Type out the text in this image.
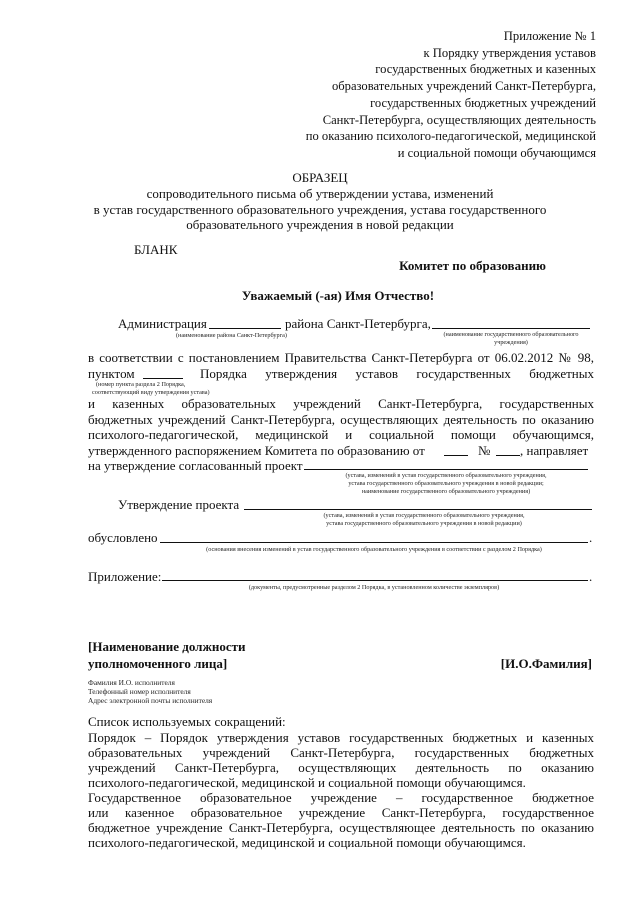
Приложение № 1
к Порядку утверждения уставов
государственных бюджетных и казенных
образовательных учреждений Санкт-Петербурга,
государственных бюджетных учреждений
Санкт-Петербурга, осуществляющих деятельность
по оказанию психолого-педагогической, медицинской
и социальной помощи обучающимся
ОБРАЗЕЦ
сопроводительного письма об утверждении устава, изменений
в устав государственного образовательного учреждения, устава государственного
образовательного учреждения в новой редакции
БЛАНК
Комитет по образованию
Уважаемый (-ая) Имя Отчество!
Администрация	района Санкт-Петербурга,
(наименование района Санкт-Петербурга)	(наименование государственного образовательного учреждения)
в соответствии с постановлением Правительства Санкт-Петербурга от 06.02.2012 № 98,
пунктом	Порядка утверждения уставов государственных бюджетных
(номер пункта раздела 2 Порядка,
соответствующий виду утверждения устава)
и казенных образовательных учреждений Санкт-Петербурга, государственных
бюджетных учреждений Санкт-Петербурга, осуществляющих деятельность по оказанию
психолого-педагогической, медицинской и социальной помощи обучающимся,
утвержденного распоряжением Комитета по образованию от	№ , направляет
на утверждение согласованный проект
(устава, изменений в устав государственного образовательного учреждения,
устава государственного образовательного учреждения в новой редакции;
наименование государственного образовательного учреждения)
Утверждение проекта
(устава, изменений в устав государственного образовательного учреждения,
устава государственного образовательного учреждения в новой редакции)
обусловлено	.
(основания внесения изменений в устав государственного образовательного учреждения в соответствии с разделом 2 Порядка)
Приложение:	.
(документы, предусмотренные разделом 2 Порядка, в установленном количестве экземпляров)
[Наименование должности
уполномоченного лица]	[И.О.Фамилия]
Фамилия И.О. исполнителя
Телефонный номер исполнителя
Адрес электронной почты исполнителя
Список используемых сокращений:
Порядок – Порядок утверждения уставов государственных бюджетных и казенных
образовательных учреждений Санкт-Петербурга, государственных бюджетных
учреждений Санкт-Петербурга, осуществляющих деятельность по оказанию
психолого-педагогической, медицинской и социальной помощи обучающимся.
Государственное образовательное учреждение – государственное бюджетное
или казенное образовательное учреждение Санкт-Петербурга, государственное
бюджетное учреждение Санкт-Петербурга, осуществляющее деятельность по оказанию
психолого-педагогической, медицинской и социальной помощи обучающимся.
